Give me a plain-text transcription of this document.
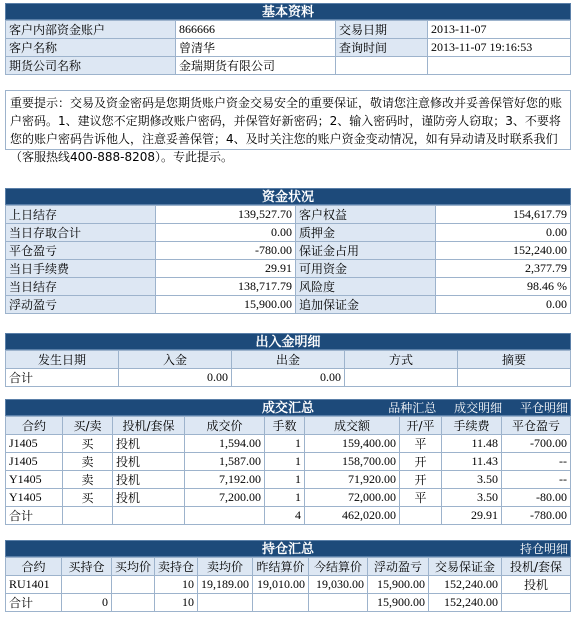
基本资料
客户内部资金账户	866666	交易日期	2013-11-07
客户名称	曾清华	查询时间	2013-11-07 19:16:53
期货公司名称	金瑞期货有限公司		
重要提示：交易及资金密码是您期货账户资金交易安全的重要保证，敬请您注意修改并妥善保管好您的账户密码。1、建议您不定期修改账户密码，并保管好新密码；2、输入密码时，谨防旁人窃取；3、不要将您的账户密码告诉他人，注意妥善保管；4、及时关注您的账户资金变动情况，如有异动请及时联系我们（客服热线400-888-8208）。专此提示。
资金状况
上日结存	139,527.70	客户权益	154,617.79
当日存取合计	0.00	质押金	0.00
平仓盈亏	-780.00	保证金占用	152,240.00
当日手续费	29.91	可用资金	2,377.79
当日结存	138,717.79	风险度	98.46 %
浮动盈亏	15,900.00	追加保证金	0.00
出入金明细
发生日期	入金	出金	方式	摘要
合计	0.00	0.00		
成交汇总	品种汇总 成交明细 平仓明细
合约	买/卖	投机/套保	成交价	手数	成交额	开/平	手续费	平仓盈亏
J1405	买	投机	1,594.00	1	159,400.00	平	11.48	-700.00
J1405	卖	投机	1,587.00	1	158,700.00	开	11.43	--
Y1405	卖	投机	7,192.00	1	71,920.00	开	3.50	--
Y1405	买	投机	7,200.00	1	72,000.00	平	3.50	-80.00
合计				4	462,020.00		29.91	-780.00
持仓汇总	持仓明细
合约	买持仓	买均价	卖持仓	卖均价	昨结算价	今结算价	浮动盈亏	交易保证金	投机/套保
RU1401			10	19,189.00	19,010.00	19,030.00	15,900.00	152,240.00	投机
合计	0		10				15,900.00	152,240.00	
